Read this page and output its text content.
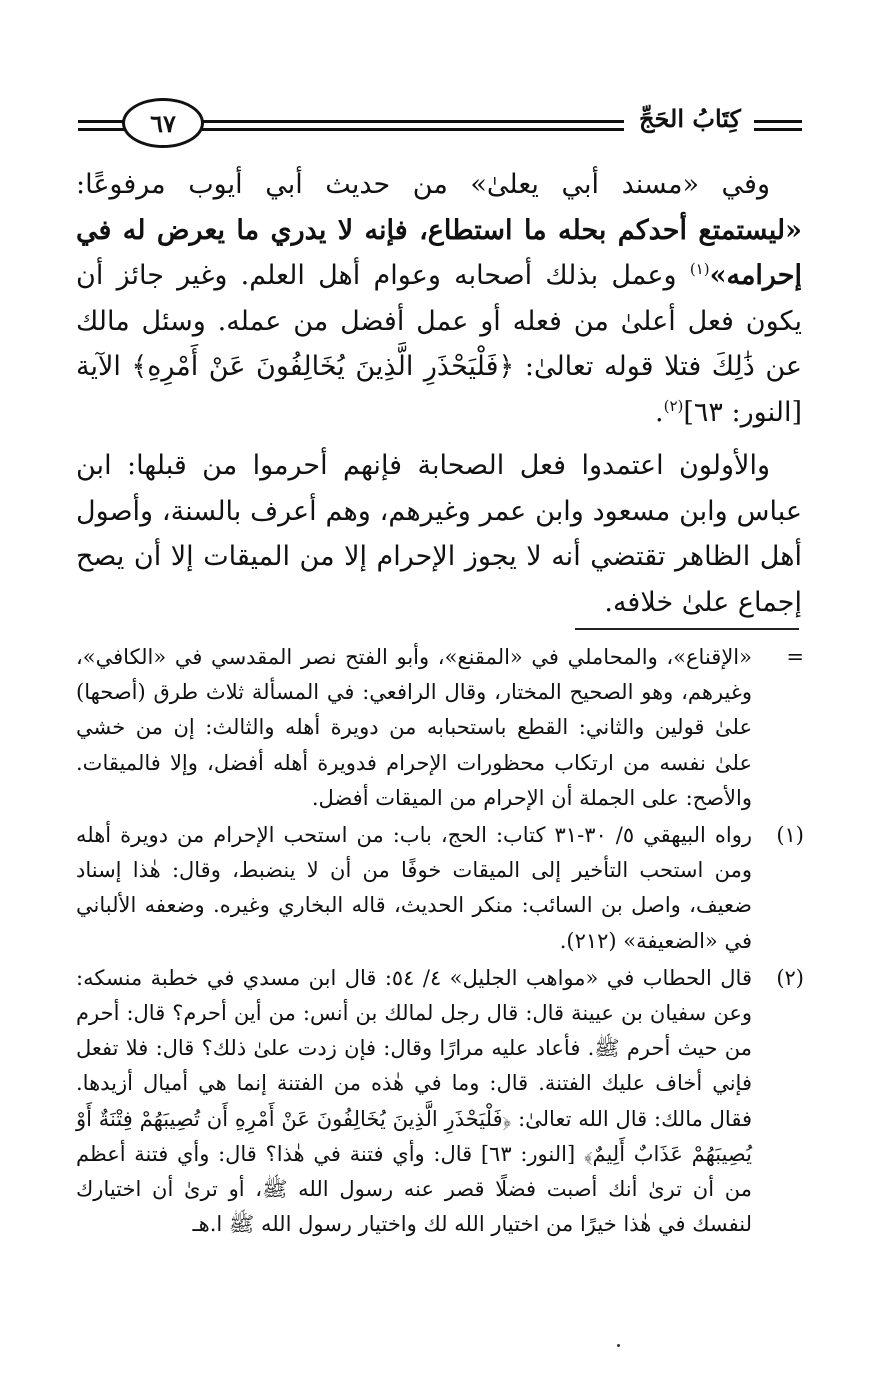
٦٧	كِتَابُ الحَجِّ

وفي «مسند أبي يعلىٰ» من حديث أبي أيوب مرفوعًا: «ليستمتع أحدكم بحله ما استطاع، فإنه لا يدري ما يعرض له في إحرامه»$^{(١)}$ وعمل بذلك أصحابه وعوام أهل العلم. وغير جائز أن يكون فعل أعلىٰ من فعله أو عمل أفضل من عمله. وسئل مالك عن ذَٰلِكَ فتلا قوله تعالىٰ: ﴿فَلْيَحْذَرِ الَّذِينَ يُخَالِفُونَ عَنْ أَمْرِهِ﴾ الآية [النور: ٦٣]$^{(٢)}$.

والأولون اعتمدوا فعل الصحابة فإنهم أحرموا من قبلها: ابن عباس وابن مسعود وابن عمر وغيرهم، وهم أعرف بالسنة، وأصول أهل الظاهر تقتضي أنه لا يجوز الإحرام إلا من الميقات إلا أن يصح إجماع علىٰ خلافه.

=
«الإقناع»، والمحاملي في «المقنع»، وأبو الفتح نصر المقدسي في «الكافي»، وغيرهم، وهو الصحيح المختار، وقال الرافعي: في المسألة ثلاث طرق (أصحها) علىٰ قولين والثاني: القطع باستحبابه من دويرة أهله والثالث: إن من خشي علىٰ نفسه من ارتكاب محظورات الإحرام فدويرة أهله أفضل، وإلا فالميقات. والأصح: على الجملة أن الإحرام من الميقات أفضل.
(١)
رواه البيهقي ٥/ ٣٠-٣١ كتاب: الحج، باب: من استحب الإحرام من دويرة أهله ومن استحب التأخير إلى الميقات خوفًا من أن لا ينضبط، وقال: هٰذا إسناد ضعيف، واصل بن السائب: منكر الحديث، قاله البخاري وغيره. وضعفه الألباني في «الضعيفة» (٢١٢).
(٢)
قال الحطاب في «مواهب الجليل» ٤/ ٥٤: قال ابن مسدي في خطبة منسكه: وعن سفيان بن عيينة قال: قال رجل لمالك بن أنس: من أين أحرم؟ قال: أحرم من حيث أحرم ﷺ. فأعاد عليه مرارًا وقال: فإن زدت علىٰ ذلك؟ قال: فلا تفعل فإني أخاف عليك الفتنة. قال: وما في هٰذه من الفتنة إنما هي أميال أزيدها. فقال مالك: قال الله تعالىٰ: ﴿فَلْيَحْذَرِ الَّذِينَ يُخَالِفُونَ عَنْ أَمْرِهِ أَن تُصِيبَهُمْ فِتْنَةٌ أَوْ يُصِيبَهُمْ عَذَابٌ أَلِيمٌ﴾ [النور: ٦٣] قال: وأي فتنة في هٰذا؟ قال: وأي فتنة أعظم من أن ترىٰ أنك أصبت فضلًا قصر عنه رسول الله ﷺ، أو ترىٰ أن اختيارك لنفسك في هٰذا خيرًا من اختيار الله لك واختيار رسول الله ﷺ ا.هـ
